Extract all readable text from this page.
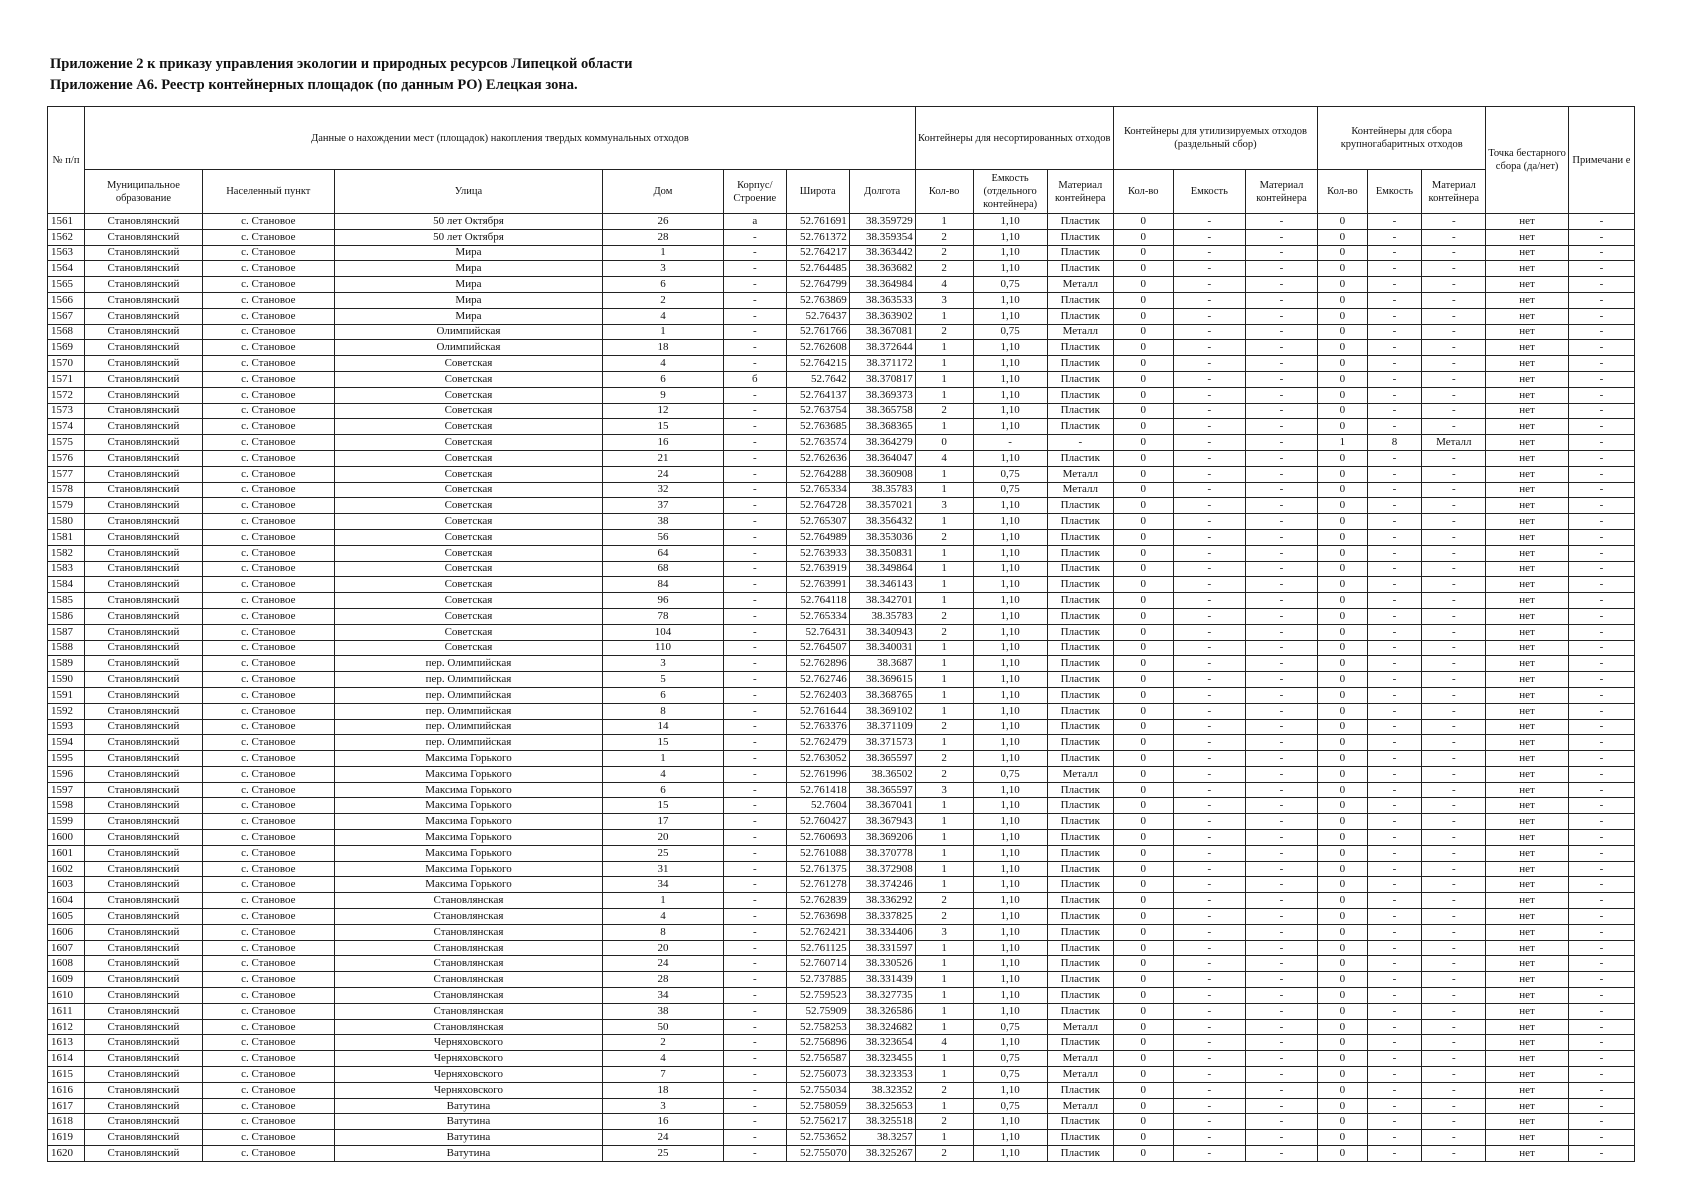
Приложение 2 к приказу управления экологии и природных ресурсов Липецкой области
Приложение А6. Реестр контейнерных площадок (по данным РО) Елецкая зона.
№ п/п	Данные о нахождении мест (площадок) накопления твердых коммунальных отходов							Контейнеры для несортированных отходов			Контейнеры для утилизируемых отходов (раздельный сбор)			Контейнеры для сбора крупногабаритных отходов			Точка бестарного сбора (да/нет)	Примечани е
	Муниципальное образование	Населенный пункт	Улица	Дом	Корпус/ Строение	Широта	Долгота	Кол-во	Емкость (отдельного контейнера)	Материал контейнера	Кол-во	Емкость	Материал контейнера	Кол-во	Емкость	Материал контейнера		
1561	Становлянский	с. Становое	50 лет Октября	26	а	52.761691	38.359729	1	1,10	Пластик	0	-	-	0	-	-	нет	-
1562	Становлянский	с. Становое	50 лет Октября	28	-	52.761372	38.359354	2	1,10	Пластик	0	-	-	0	-	-	нет	-
1563	Становлянский	с. Становое	Мира	1	-	52.764217	38.363442	2	1,10	Пластик	0	-	-	0	-	-	нет	-
1564	Становлянский	с. Становое	Мира	3	-	52.764485	38.363682	2	1,10	Пластик	0	-	-	0	-	-	нет	-
1565	Становлянский	с. Становое	Мира	6	-	52.764799	38.364984	4	0,75	Металл	0	-	-	0	-	-	нет	-
1566	Становлянский	с. Становое	Мира	2	-	52.763869	38.363533	3	1,10	Пластик	0	-	-	0	-	-	нет	-
1567	Становлянский	с. Становое	Мира	4	-	52.76437	38.363902	1	1,10	Пластик	0	-	-	0	-	-	нет	-
1568	Становлянский	с. Становое	Олимпийская	1	-	52.761766	38.367081	2	0,75	Металл	0	-	-	0	-	-	нет	-
1569	Становлянский	с. Становое	Олимпийская	18	-	52.762608	38.372644	1	1,10	Пластик	0	-	-	0	-	-	нет	-
1570	Становлянский	с. Становое	Советская	4	-	52.764215	38.371172	1	1,10	Пластик	0	-	-	0	-	-	нет	-
1571	Становлянский	с. Становое	Советская	6	б	52.7642	38.370817	1	1,10	Пластик	0	-	-	0	-	-	нет	-
1572	Становлянский	с. Становое	Советская	9	-	52.764137	38.369373	1	1,10	Пластик	0	-	-	0	-	-	нет	-
1573	Становлянский	с. Становое	Советская	12	-	52.763754	38.365758	2	1,10	Пластик	0	-	-	0	-	-	нет	-
1574	Становлянский	с. Становое	Советская	15	-	52.763685	38.368365	1	1,10	Пластик	0	-	-	0	-	-	нет	-
1575	Становлянский	с. Становое	Советская	16	-	52.763574	38.364279	0	-	-	0	-	-	1	8	Металл	нет	-
1576	Становлянский	с. Становое	Советская	21	-	52.762636	38.364047	4	1,10	Пластик	0	-	-	0	-	-	нет	-
1577	Становлянский	с. Становое	Советская	24	-	52.764288	38.360908	1	0,75	Металл	0	-	-	0	-	-	нет	-
1578	Становлянский	с. Становое	Советская	32	-	52.765334	38.35783	1	0,75	Металл	0	-	-	0	-	-	нет	-
1579	Становлянский	с. Становое	Советская	37	-	52.764728	38.357021	3	1,10	Пластик	0	-	-	0	-	-	нет	-
1580	Становлянский	с. Становое	Советская	38	-	52.765307	38.356432	1	1,10	Пластик	0	-	-	0	-	-	нет	-
1581	Становлянский	с. Становое	Советская	56	-	52.764989	38.353036	2	1,10	Пластик	0	-	-	0	-	-	нет	-
1582	Становлянский	с. Становое	Советская	64	-	52.763933	38.350831	1	1,10	Пластик	0	-	-	0	-	-	нет	-
1583	Становлянский	с. Становое	Советская	68	-	52.763919	38.349864	1	1,10	Пластик	0	-	-	0	-	-	нет	-
1584	Становлянский	с. Становое	Советская	84	-	52.763991	38.346143	1	1,10	Пластик	0	-	-	0	-	-	нет	-
1585	Становлянский	с. Становое	Советская	96	-	52.764118	38.342701	1	1,10	Пластик	0	-	-	0	-	-	нет	-
1586	Становлянский	с. Становое	Советская	78	-	52.765334	38.35783	2	1,10	Пластик	0	-	-	0	-	-	нет	-
1587	Становлянский	с. Становое	Советская	104	-	52.76431	38.340943	2	1,10	Пластик	0	-	-	0	-	-	нет	-
1588	Становлянский	с. Становое	Советская	110	-	52.764507	38.340031	1	1,10	Пластик	0	-	-	0	-	-	нет	-
1589	Становлянский	с. Становое	пер. Олимпийская	3	-	52.762896	38.3687	1	1,10	Пластик	0	-	-	0	-	-	нет	-
1590	Становлянский	с. Становое	пер. Олимпийская	5	-	52.762746	38.369615	1	1,10	Пластик	0	-	-	0	-	-	нет	-
1591	Становлянский	с. Становое	пер. Олимпийская	6	-	52.762403	38.368765	1	1,10	Пластик	0	-	-	0	-	-	нет	-
1592	Становлянский	с. Становое	пер. Олимпийская	8	-	52.761644	38.369102	1	1,10	Пластик	0	-	-	0	-	-	нет	-
1593	Становлянский	с. Становое	пер. Олимпийская	14	-	52.763376	38.371109	2	1,10	Пластик	0	-	-	0	-	-	нет	-
1594	Становлянский	с. Становое	пер. Олимпийская	15	-	52.762479	38.371573	1	1,10	Пластик	0	-	-	0	-	-	нет	-
1595	Становлянский	с. Становое	Максима Горького	1	-	52.763052	38.365597	2	1,10	Пластик	0	-	-	0	-	-	нет	-
1596	Становлянский	с. Становое	Максима Горького	4	-	52.761996	38.36502	2	0,75	Металл	0	-	-	0	-	-	нет	-
1597	Становлянский	с. Становое	Максима Горького	6	-	52.761418	38.365597	3	1,10	Пластик	0	-	-	0	-	-	нет	-
1598	Становлянский	с. Становое	Максима Горького	15	-	52.7604	38.367041	1	1,10	Пластик	0	-	-	0	-	-	нет	-
1599	Становлянский	с. Становое	Максима Горького	17	-	52.760427	38.367943	1	1,10	Пластик	0	-	-	0	-	-	нет	-
1600	Становлянский	с. Становое	Максима Горького	20	-	52.760693	38.369206	1	1,10	Пластик	0	-	-	0	-	-	нет	-
1601	Становлянский	с. Становое	Максима Горького	25	-	52.761088	38.370778	1	1,10	Пластик	0	-	-	0	-	-	нет	-
1602	Становлянский	с. Становое	Максима Горького	31	-	52.761375	38.372908	1	1,10	Пластик	0	-	-	0	-	-	нет	-
1603	Становлянский	с. Становое	Максима Горького	34	-	52.761278	38.374246	1	1,10	Пластик	0	-	-	0	-	-	нет	-
1604	Становлянский	с. Становое	Становлянская	1	-	52.762839	38.336292	2	1,10	Пластик	0	-	-	0	-	-	нет	-
1605	Становлянский	с. Становое	Становлянская	4	-	52.763698	38.337825	2	1,10	Пластик	0	-	-	0	-	-	нет	-
1606	Становлянский	с. Становое	Становлянская	8	-	52.762421	38.334406	3	1,10	Пластик	0	-	-	0	-	-	нет	-
1607	Становлянский	с. Становое	Становлянская	20	-	52.761125	38.331597	1	1,10	Пластик	0	-	-	0	-	-	нет	-
1608	Становлянский	с. Становое	Становлянская	24	-	52.760714	38.330526	1	1,10	Пластик	0	-	-	0	-	-	нет	-
1609	Становлянский	с. Становое	Становлянская	28	-	52.737885	38.331439	1	1,10	Пластик	0	-	-	0	-	-	нет	-
1610	Становлянский	с. Становое	Становлянская	34	-	52.759523	38.327735	1	1,10	Пластик	0	-	-	0	-	-	нет	-
1611	Становлянский	с. Становое	Становлянская	38	-	52.75909	38.326586	1	1,10	Пластик	0	-	-	0	-	-	нет	-
1612	Становлянский	с. Становое	Становлянская	50	-	52.758253	38.324682	1	0,75	Металл	0	-	-	0	-	-	нет	-
1613	Становлянский	с. Становое	Черняховского	2	-	52.756896	38.323654	4	1,10	Пластик	0	-	-	0	-	-	нет	-
1614	Становлянский	с. Становое	Черняховского	4	-	52.756587	38.323455	1	0,75	Металл	0	-	-	0	-	-	нет	-
1615	Становлянский	с. Становое	Черняховского	7	-	52.756073	38.323353	1	0,75	Металл	0	-	-	0	-	-	нет	-
1616	Становлянский	с. Становое	Черняховского	18	-	52.755034	38.32352	2	1,10	Пластик	0	-	-	0	-	-	нет	-
1617	Становлянский	с. Становое	Ватутина	3	-	52.758059	38.325653	1	0,75	Металл	0	-	-	0	-	-	нет	-
1618	Становлянский	с. Становое	Ватутина	16	-	52.756217	38.325518	2	1,10	Пластик	0	-	-	0	-	-	нет	-
1619	Становлянский	с. Становое	Ватутина	24	-	52.753652	38.3257	1	1,10	Пластик	0	-	-	0	-	-	нет	-
1620	Становлянский	с. Становое	Ватутина	25	-	52.755070	38.325267	2	1,10	Пластик	0	-	-	0	-	-	нет	-
